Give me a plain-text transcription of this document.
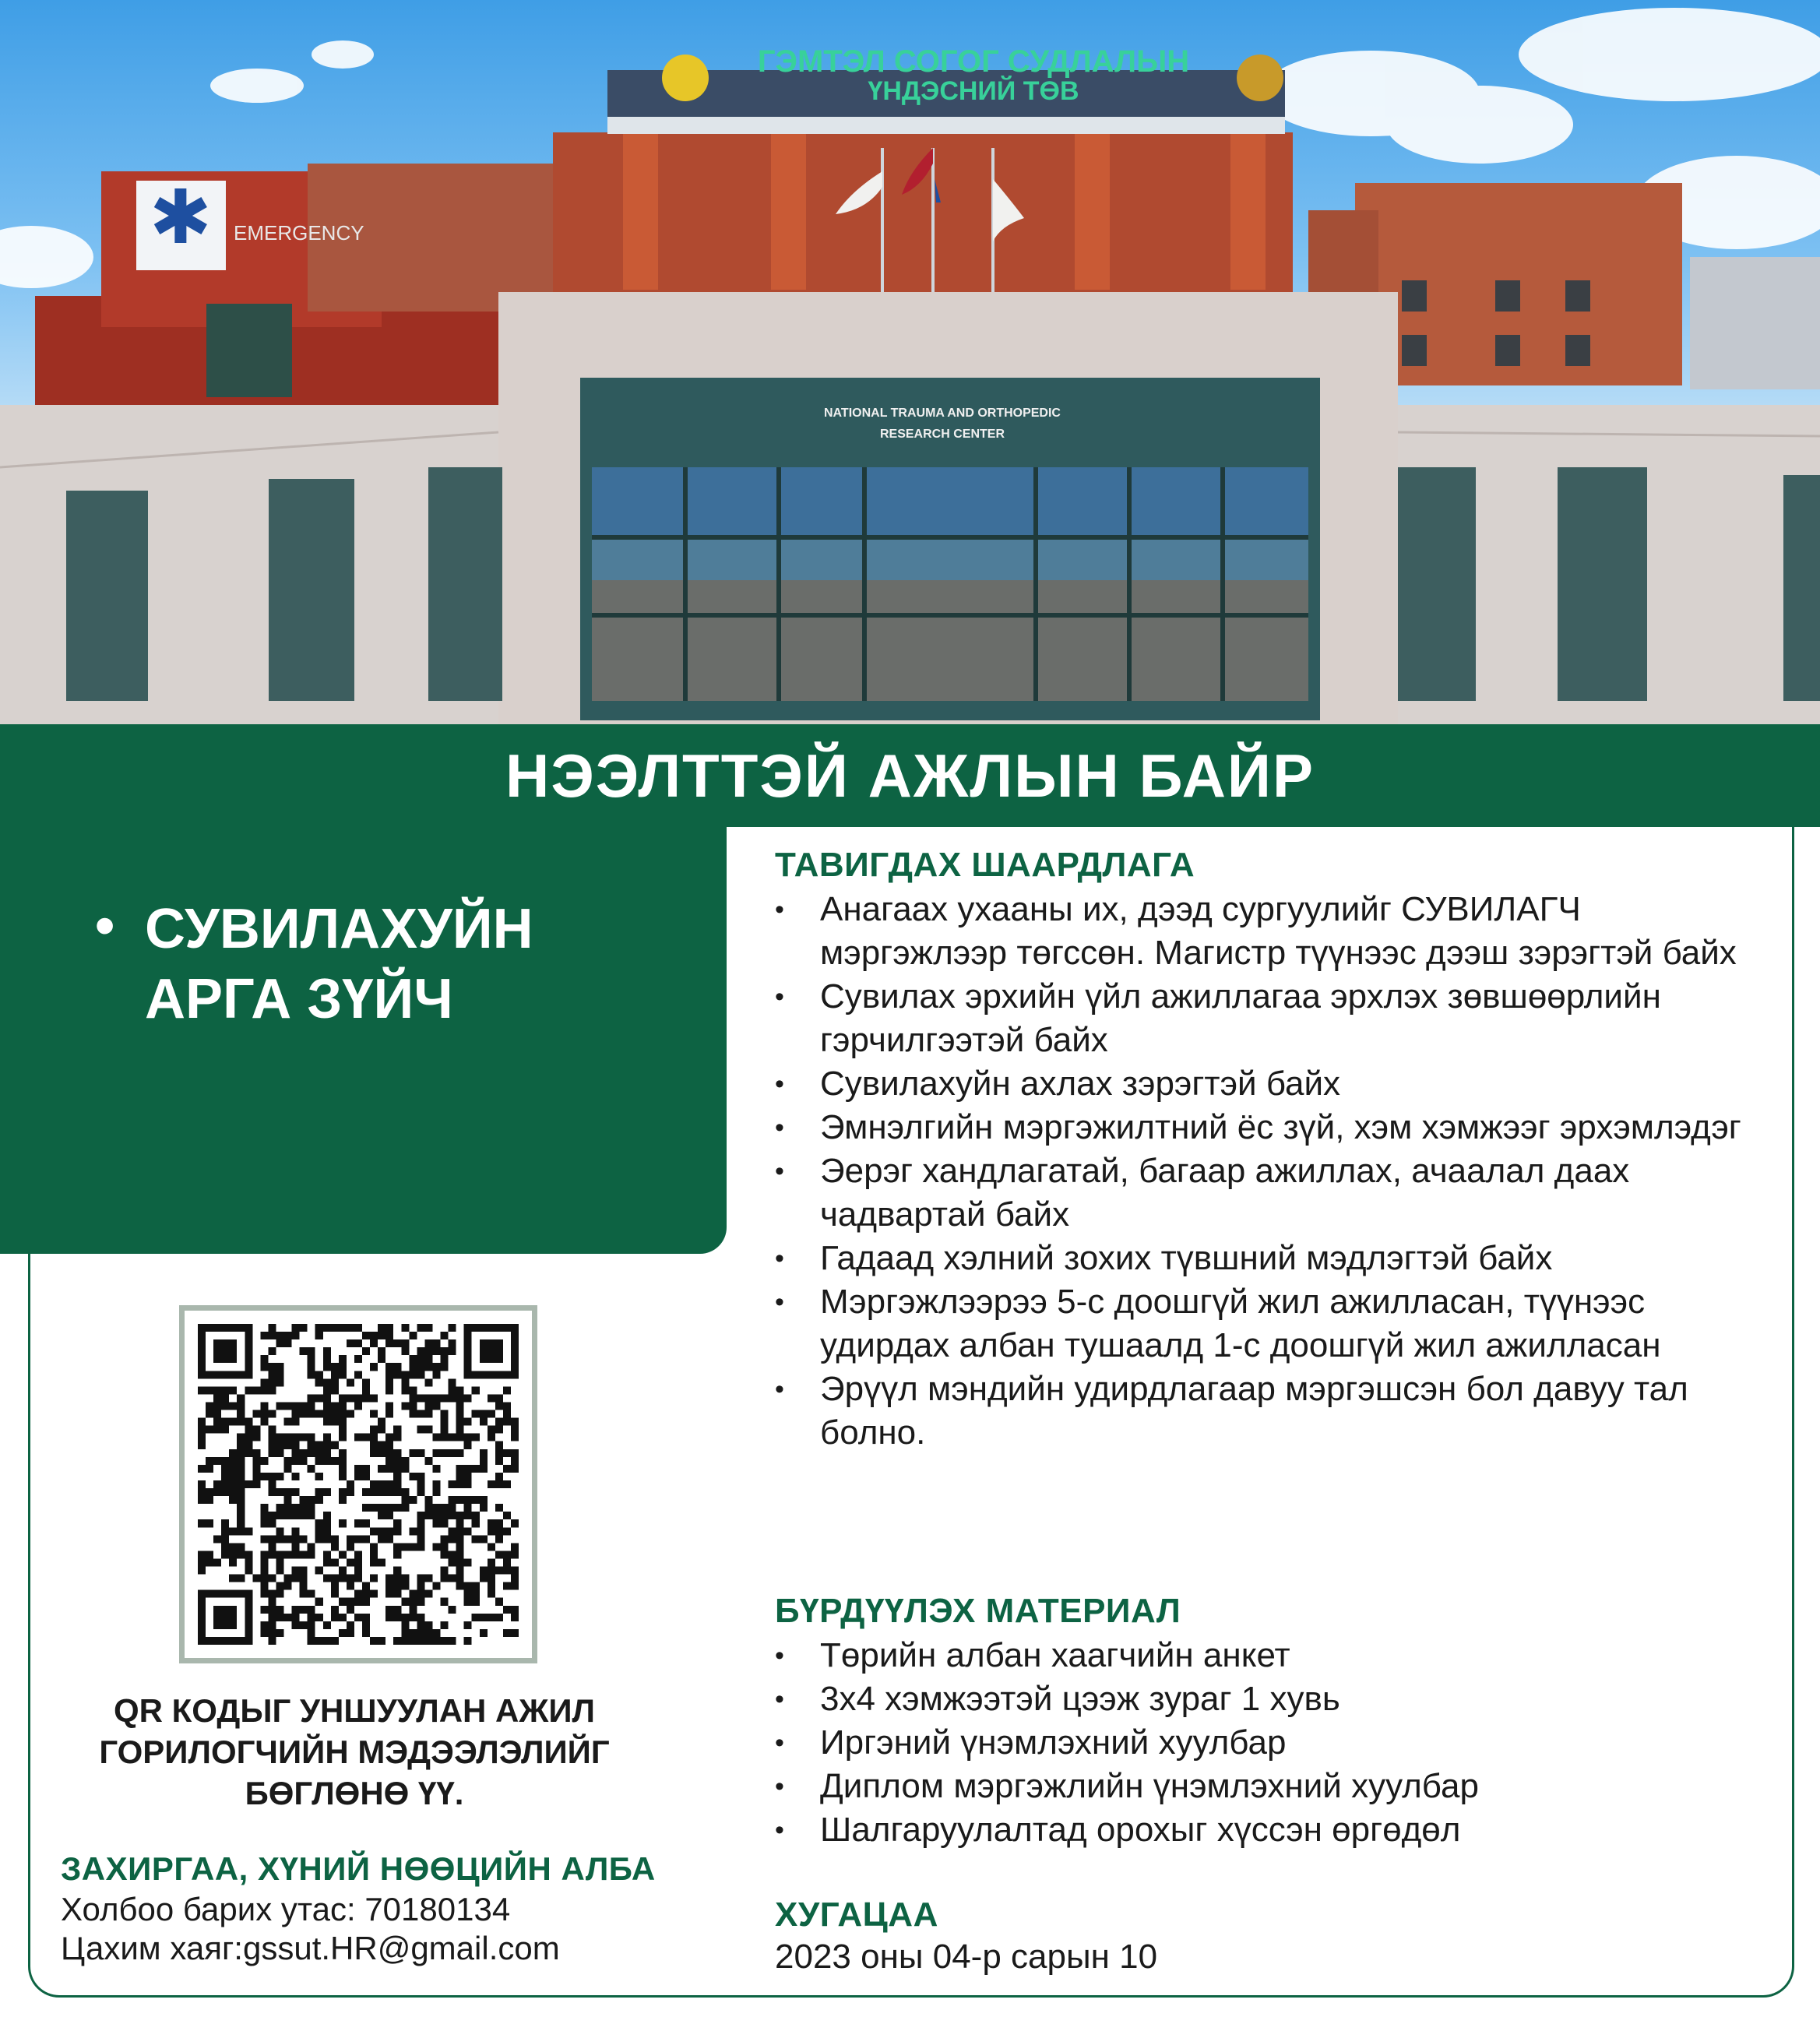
✱ EMERGENCY
ГЭМТЭЛ СОГОГ СУДЛАЛЫН
ҮНДЭСНИЙ ТӨВ
NATIONAL TRAUMA AND ORTHOPEDIC
RESEARCH CENTER
НЭЭЛТТЭЙ АЖЛЫН БАЙР
• СУВИЛАХУЙН
АРГА ЗҮЙЧ
QR КОДЫГ УНШУУЛАН АЖИЛ
ГОРИЛОГЧИЙН МЭДЭЭЛЭЛИЙГ
БӨГЛӨНӨ ҮҮ.
ЗАХИРГАА, ХҮНИЙ НӨӨЦИЙН АЛБА
Холбоо барих утас: 70180134
Цахим хаяг:gssut.HR@gmail.com
ТАВИГДАХ ШААРДЛАГА
• Анагаах ухааны их, дээд сургуулийг СУВИЛАГЧ мэргэжлээр төгссөн. Магистр түүнээс дээш зэрэгтэй байх
• Сувилах эрхийн үйл ажиллагаа эрхлэх зөвшөөрлийн гэрчилгээтэй байх
• Сувилахуйн ахлах зэрэгтэй байх
• Эмнэлгийн мэргэжилтний ёс зүй, хэм хэмжээг эрхэмлэдэг
• Эерэг хандлагатай, багаар ажиллах, ачаалал даах чадвартай байх
• Гадаад хэлний зохих түвшний мэдлэгтэй байх
• Мэргэжлээрээ 5-с доошгүй жил ажилласан, түүнээс удирдах албан тушаалд 1-с доошгүй жил ажилласан
• Эрүүл мэндийн удирдлагаар мэргэшсэн бол давуу тал болно.
БҮРДҮҮЛЭХ МАТЕРИАЛ
• Төрийн албан хаагчийн анкет
• 3х4 хэмжээтэй цээж зураг 1 хувь
• Иргэний үнэмлэхний хуулбар
• Диплом мэргэжлийн үнэмлэхний хуулбар
• Шалгаруулалтад орохыг хүссэн өргөдөл
ХУГАЦАА
2023 оны 04-р сарын 10
